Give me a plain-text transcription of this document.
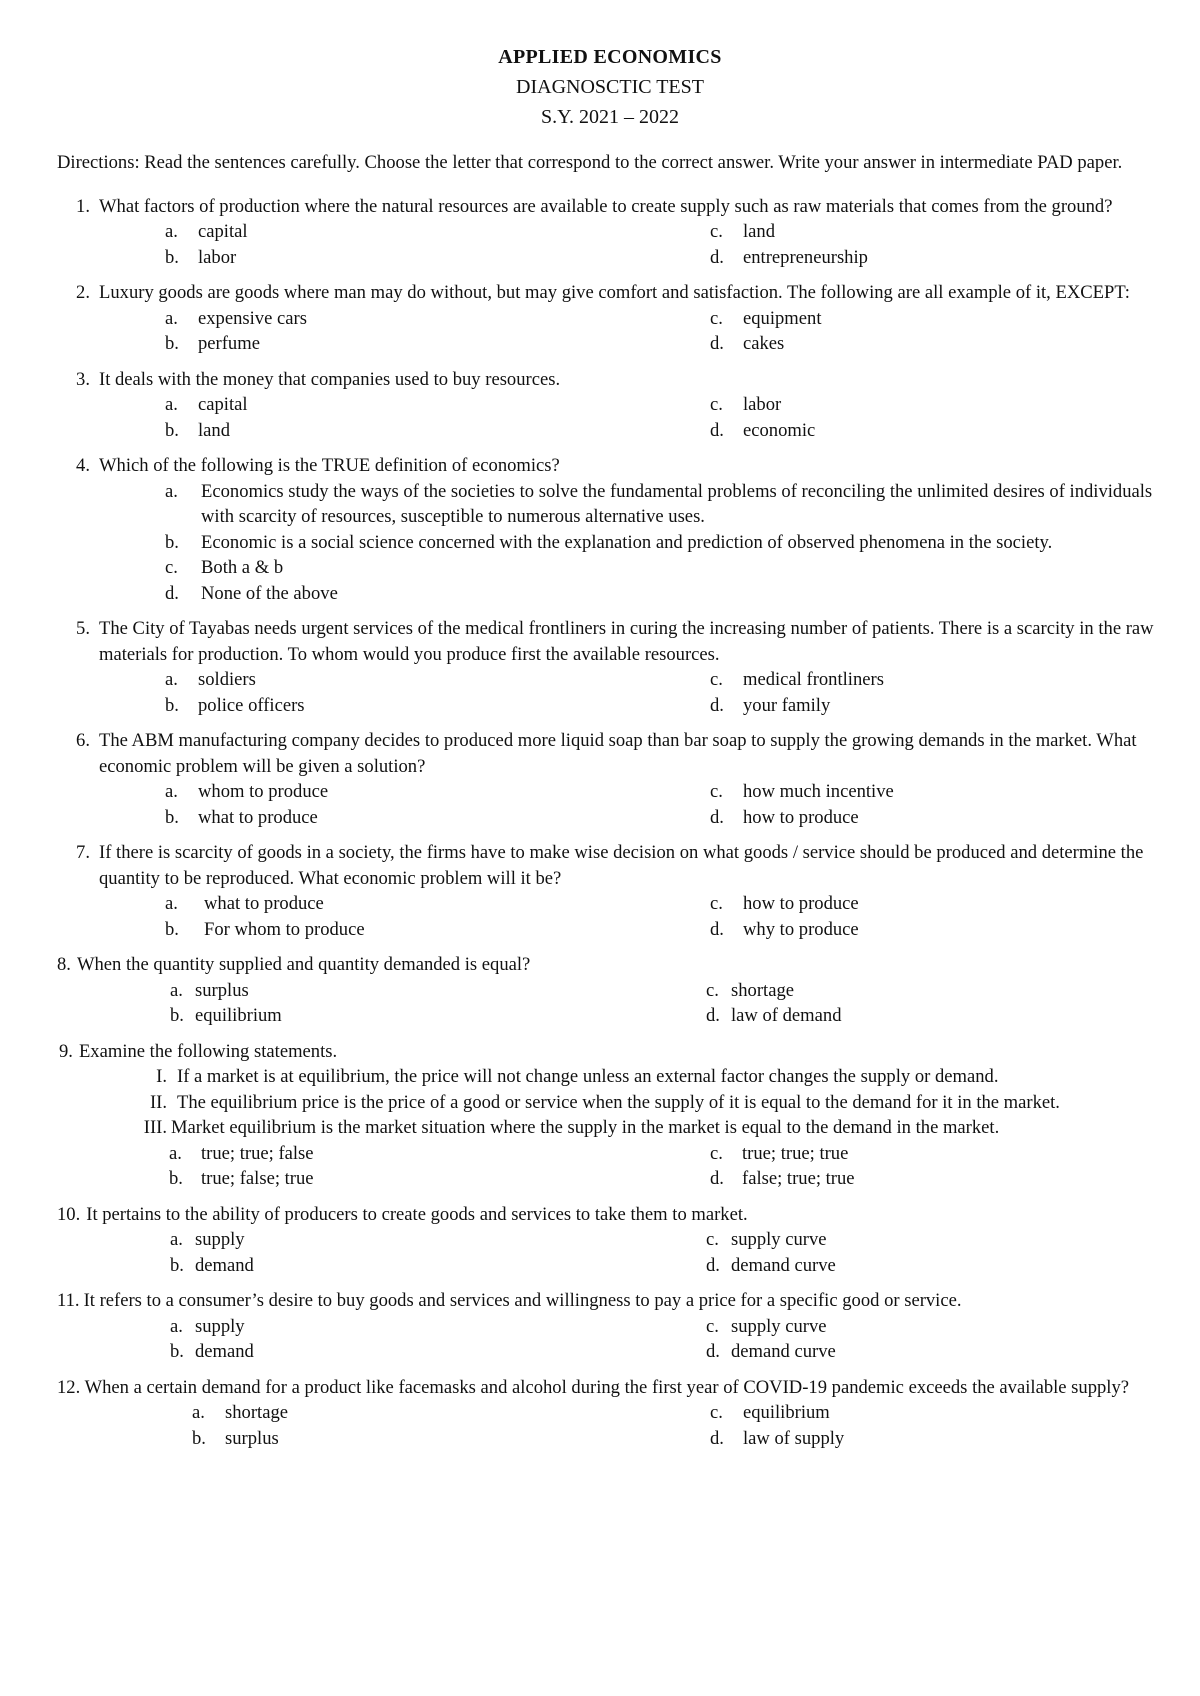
APPLIED ECONOMICS
DIAGNOSCTIC TEST
S.Y. 2021 – 2022
Directions: Read the sentences carefully. Choose the letter that correspond to the correct answer. Write your answer in intermediate PAD paper.
1. What factors of production where the natural resources are available to create supply such as raw materials that comes from the ground?
a.	capital	c.	land
b.	labor	d.	entrepreneurship
2. Luxury goods are goods where man may do without, but may give comfort and satisfaction. The following are all example of it, EXCEPT:
a.	expensive cars	c.	equipment
b.	perfume	d.	cakes
3. It deals with the money that companies used to buy resources.
a.	capital	c.	labor
b.	land	d.	economic
4. Which of the following is the TRUE definition of economics?
a.	Economics study the ways of the societies to solve the fundamental problems of reconciling the unlimited desires of individuals with scarcity of resources, susceptible to numerous alternative uses.
b.	Economic is a social science concerned with the explanation and prediction of observed phenomena in the society.
c.	Both a & b
d.	None of the above
5. The City of Tayabas needs urgent services of the medical frontliners in curing the increasing number of patients. There is a scarcity in the raw materials for production. To whom would you produce first the available resources.
a.	soldiers	c.	medical frontliners
b.	police officers	d.	your family
6. The ABM manufacturing company decides to produced more liquid soap than bar soap to supply the growing demands in the market. What economic problem will be given a solution?
a.	whom to produce	c.	how much incentive
b.	what to produce	d.	how to produce
7. If there is scarcity of goods in a society, the firms have to make wise decision on what goods / service should be produced and determine the quantity to be reproduced. What economic problem will it be?
a.	what to produce	c.	how to produce
b.	For whom to produce	d.	why to produce
8. When the quantity supplied and quantity demanded is equal?
a. surplus	c. shortage
b. equilibrium	d. law of demand
9. Examine the following statements.
I. If a market is at equilibrium, the price will not change unless an external factor changes the supply or demand.
II. The equilibrium price is the price of a good or service when the supply of it is equal to the demand for it in the market.
III. Market equilibrium is the market situation where the supply in the market is equal to the demand in the market.
a.	true; true; false	c.	true; true; true
b. true; false; true	d. false; true; true
10. It pertains to the ability of producers to create goods and services to take them to market.
a. supply	c. supply curve
b. demand	d. demand curve
11. It refers to a consumer’s desire to buy goods and services and willingness to pay a price for a specific good or service.
a. supply	c. supply curve
b. demand	d. demand curve
12. When a certain demand for a product like facemasks and alcohol during the first year of COVID-19 pandemic exceeds the available supply?
a.	shortage	c.	equilibrium
b.	surplus	d.	law of supply
